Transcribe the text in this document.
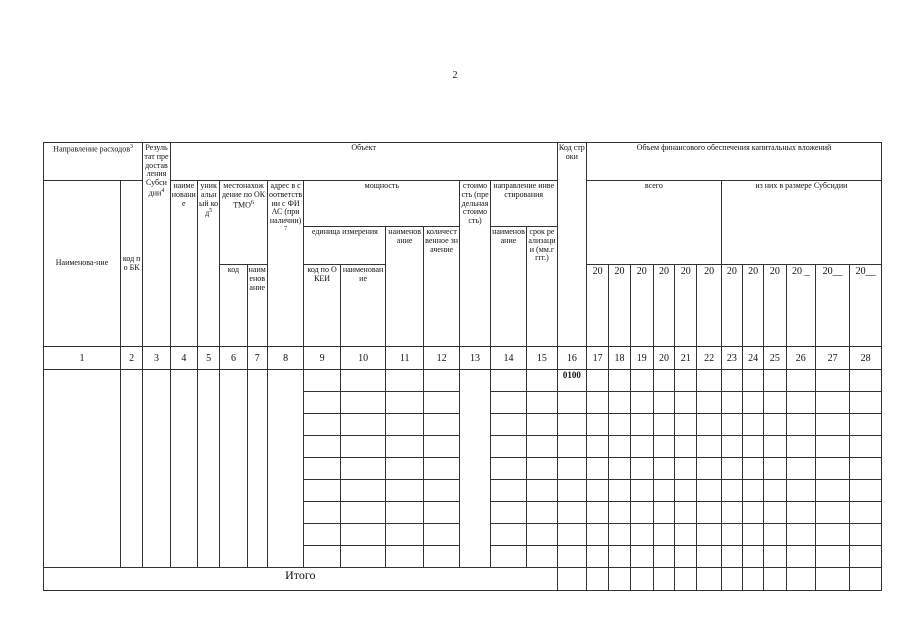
2
Направление расходов$^3$		Результат предоставления Субсидии$^4$	Объект												Код строки	Объем финансового обеспечения капитальных вложений											
Наименова-ние	код по БК		наименование	уникальный код$^5$	местонахождение по ОКТМО$^6$		адрес в соответствии с ФИАС (при наличии)$^7$	мощность				стоимость (предельная стоимость)	направление инвестирования			всего						из них в размере Субсидии					
								единица измерения		наименование	количественное значение		наименование	срок реализации (мм.гггг.)													
					код	наименование		код по ОКЕИ	наименование							20	20	20	20	20	20	20	20	20	20 _	20__	20__
1	2	3	4	5	6	7	8	9	10	11	12	13	14	15	16	17	18	19	20	21	22	23	24	25	26	27	28
															0100												

Итого																											
